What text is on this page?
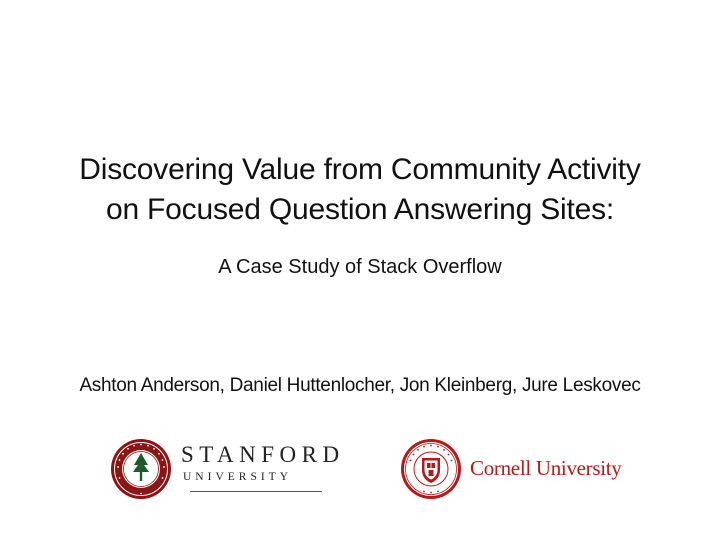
Discovering Value from Community Activity
on Focused Question Answering Sites:
A Case Study of Stack Overflow
Ashton Anderson, Daniel Huttenlocher, Jon Kleinberg, Jure Leskovec
STANFORD
UNIVERSITY	Cornell University
